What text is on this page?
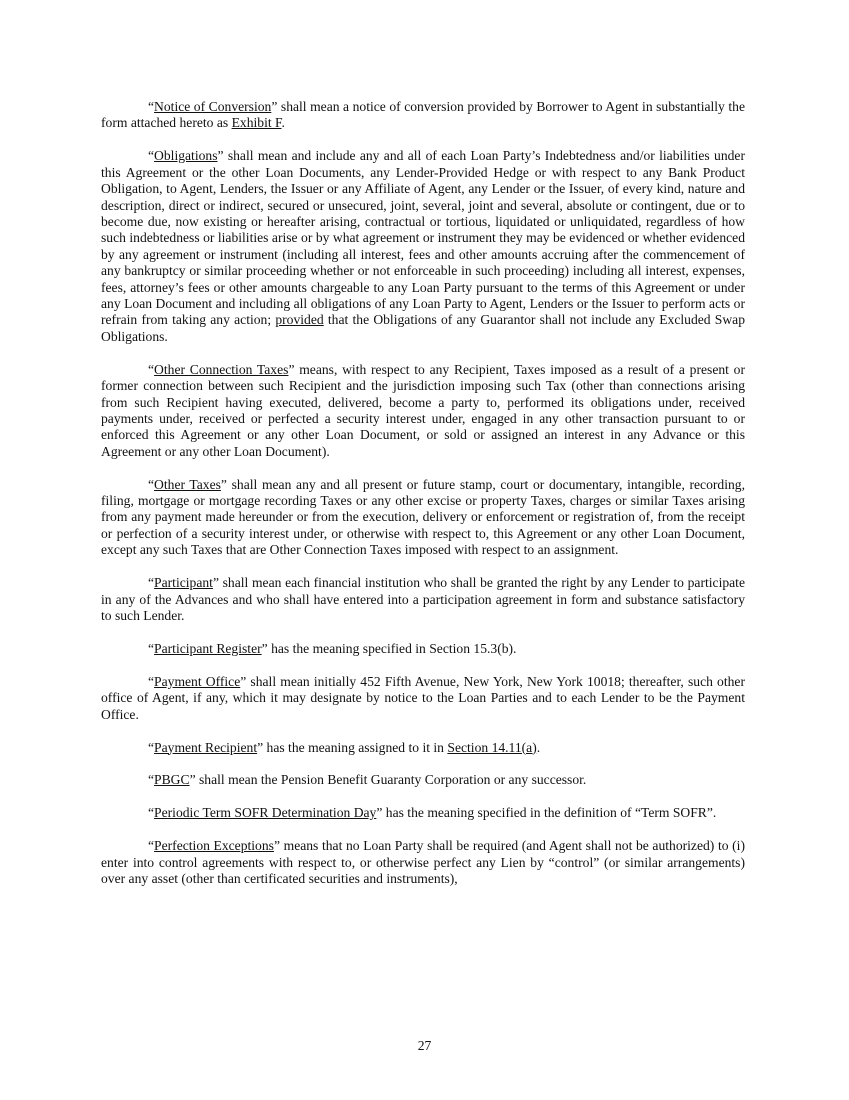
“Notice of Conversion” shall mean a notice of conversion provided by Borrower to Agent in substantially the form attached hereto as Exhibit F.

“Obligations” shall mean and include any and all of each Loan Party’s Indebtedness and/or liabilities under this Agreement or the other Loan Documents, any Lender-Provided Hedge or with respect to any Bank Product Obligation, to Agent, Lenders, the Issuer or any Affiliate of Agent, any Lender or the Issuer, of every kind, nature and description, direct or indirect, secured or unsecured, joint, several, joint and several, absolute or contingent, due or to become due, now existing or hereafter arising, contractual or tortious, liquidated or unliquidated, regardless of how such indebtedness or liabilities arise or by what agreement or instrument they may be evidenced or whether evidenced by any agreement or instrument (including all interest, fees and other amounts accruing after the commencement of any bankruptcy or similar proceeding whether or not enforceable in such proceeding) including all interest, expenses, fees, attorney’s fees or other amounts chargeable to any Loan Party pursuant to the terms of this Agreement or under any Loan Document and including all obligations of any Loan Party to Agent, Lenders or the Issuer to perform acts or refrain from taking any action; provided that the Obligations of any Guarantor shall not include any Excluded Swap Obligations.

“Other Connection Taxes” means, with respect to any Recipient, Taxes imposed as a result of a present or former connection between such Recipient and the jurisdiction imposing such Tax (other than connections arising from such Recipient having executed, delivered, become a party to, performed its obligations under, received payments under, received or perfected a security interest under, engaged in any other transaction pursuant to or enforced this Agreement or any other Loan Document, or sold or assigned an interest in any Advance or this Agreement or any other Loan Document).

“Other Taxes” shall mean any and all present or future stamp, court or documentary, intangible, recording, filing, mortgage or mortgage recording Taxes or any other excise or property Taxes, charges or similar Taxes arising from any payment made hereunder or from the execution, delivery or enforcement or registration of, from the receipt or perfection of a security interest under, or otherwise with respect to, this Agreement or any other Loan Document, except any such Taxes that are Other Connection Taxes imposed with respect to an assignment.

“Participant” shall mean each financial institution who shall be granted the right by any Lender to participate in any of the Advances and who shall have entered into a participation agreement in form and substance satisfactory to such Lender.

“Participant Register” has the meaning specified in Section 15.3(b).

“Payment Office” shall mean initially 452 Fifth Avenue, New York, New York 10018; thereafter, such other office of Agent, if any, which it may designate by notice to the Loan Parties and to each Lender to be the Payment Office.

“Payment Recipient” has the meaning assigned to it in Section 14.11(a).

“PBGC” shall mean the Pension Benefit Guaranty Corporation or any successor.

“Periodic Term SOFR Determination Day” has the meaning specified in the definition of “Term SOFR”.

“Perfection Exceptions” means that no Loan Party shall be required (and Agent shall not be authorized) to (i) enter into control agreements with respect to, or otherwise perfect any Lien by “control” (or similar arrangements) over any asset (other than certificated securities and instruments),

27
